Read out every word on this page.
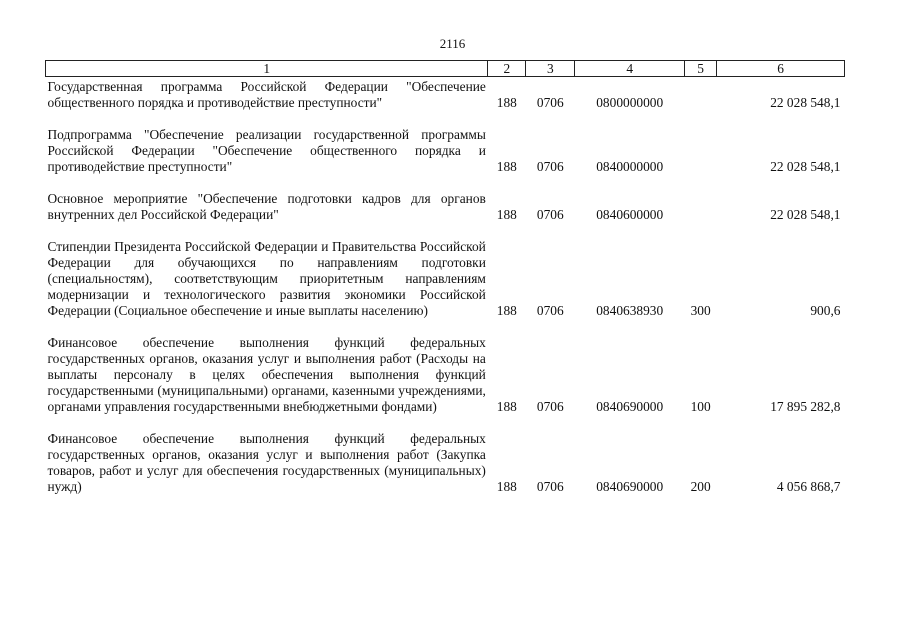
2116
1	2	3	4	5	6
Государственная программа Российской Федерации "Обеспечение общественного порядка и противодействие преступности"	188	0706	0800000000		22 028 548,1
Подпрограмма "Обеспечение реализации государственной программы Российской Федерации "Обеспечение общественного порядка и противодействие преступности"	188	0706	0840000000		22 028 548,1
Основное мероприятие "Обеспечение подготовки кадров для органов внутренних дел Российской Федерации"	188	0706	0840600000		22 028 548,1
Стипендии Президента Российской Федерации и Правительства Российской Федерации для обучающихся по направлениям подготовки (специальностям), соответствующим приоритетным направлениям модернизации и технологического развития экономики Российской Федерации (Социальное обеспечение и иные выплаты населению)	188	0706	0840638930	300	900,6
Финансовое обеспечение выполнения функций федеральных государственных органов, оказания услуг и выполнения работ (Расходы на выплаты персоналу в целях обеспечения выполнения функций государственными (муниципальными) органами, казенными учреждениями, органами управления государственными внебюджетными фондами)	188	0706	0840690000	100	17 895 282,8
Финансовое обеспечение выполнения функций федеральных государственных органов, оказания услуг и выполнения работ (Закупка товаров, работ и услуг для обеспечения государственных (муниципальных) нужд)	188	0706	0840690000	200	4 056 868,7
